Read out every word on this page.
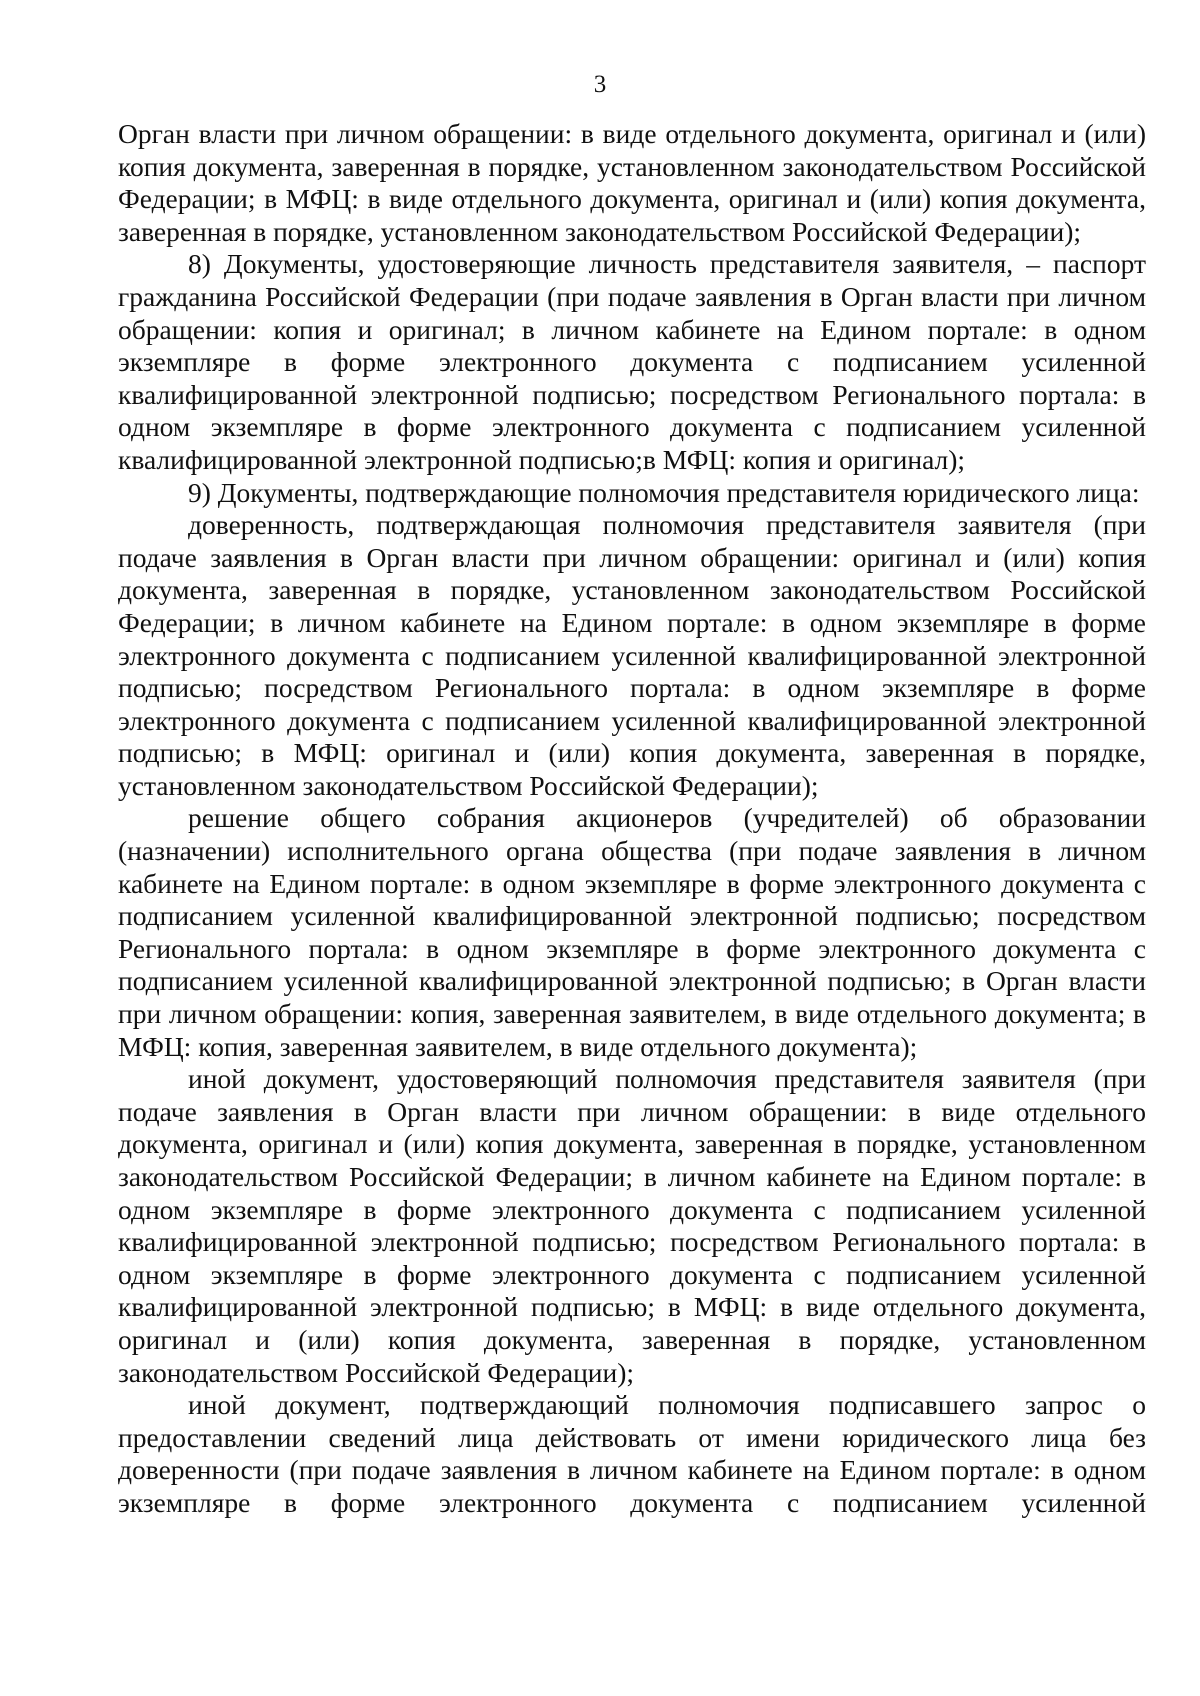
3

Орган власти при личном обращении: в виде отдельного документа, оригинал и (или) копия документа, заверенная в порядке, установленном законодательством Российской Федерации; в МФЦ: в виде отдельного документа, оригинал и (или) копия документа, заверенная в порядке, установленном законодательством Российской Федерации);

8) Документы, удостоверяющие личность представителя заявителя, – паспорт гражданина Российской Федерации (при подаче заявления в Орган власти при личном обращении: копия и оригинал; в личном кабинете на Едином портале: в одном экземпляре в форме электронного документа с подписанием усиленной квалифицированной электронной подписью; посредством Регионального портала: в одном экземпляре в форме электронного документа с подписанием усиленной квалифицированной электронной подписью;в МФЦ: копия и оригинал);

9) Документы, подтверждающие полномочия представителя юридического лица:

доверенность, подтверждающая полномочия представителя заявителя (при подаче заявления в Орган власти при личном обращении: оригинал и (или) копия документа, заверенная в порядке, установленном законодательством Российской Федерации; в личном кабинете на Едином портале: в одном экземпляре в форме электронного документа с подписанием усиленной квалифицированной электронной подписью; посредством Регионального портала: в одном экземпляре в форме электронного документа с подписанием усиленной квалифицированной электронной подписью; в МФЦ: оригинал и (или) копия документа, заверенная в порядке, установленном законодательством Российской Федерации);

решение общего собрания акционеров (учредителей) об образовании (назначении) исполнительного органа общества (при подаче заявления в личном кабинете на Едином портале: в одном экземпляре в форме электронного документа с подписанием усиленной квалифицированной электронной подписью; посредством Регионального портала: в одном экземпляре в форме электронного документа с подписанием усиленной квалифицированной электронной подписью; в Орган власти при личном обращении: копия, заверенная заявителем, в виде отдельного документа; в МФЦ: копия, заверенная заявителем, в виде отдельного документа);

иной документ, удостоверяющий полномочия представителя заявителя (при подаче заявления в Орган власти при личном обращении: в виде отдельного документа, оригинал и (или) копия документа, заверенная в порядке, установленном законодательством Российской Федерации; в личном кабинете на Едином портале: в одном экземпляре в форме электронного документа с подписанием усиленной квалифицированной электронной подписью; посредством Регионального портала: в одном экземпляре в форме электронного документа с подписанием усиленной квалифицированной электронной подписью; в МФЦ: в виде отдельного документа, оригинал и (или) копия документа, заверенная в порядке, установленном законодательством Российской Федерации);

иной документ, подтверждающий полномочия подписавшего запрос о предоставлении сведений лица действовать от имени юридического лица без доверенности (при подаче заявления в личном кабинете на Едином портале: в одном экземпляре в форме электронного документа с подписанием усиленной
